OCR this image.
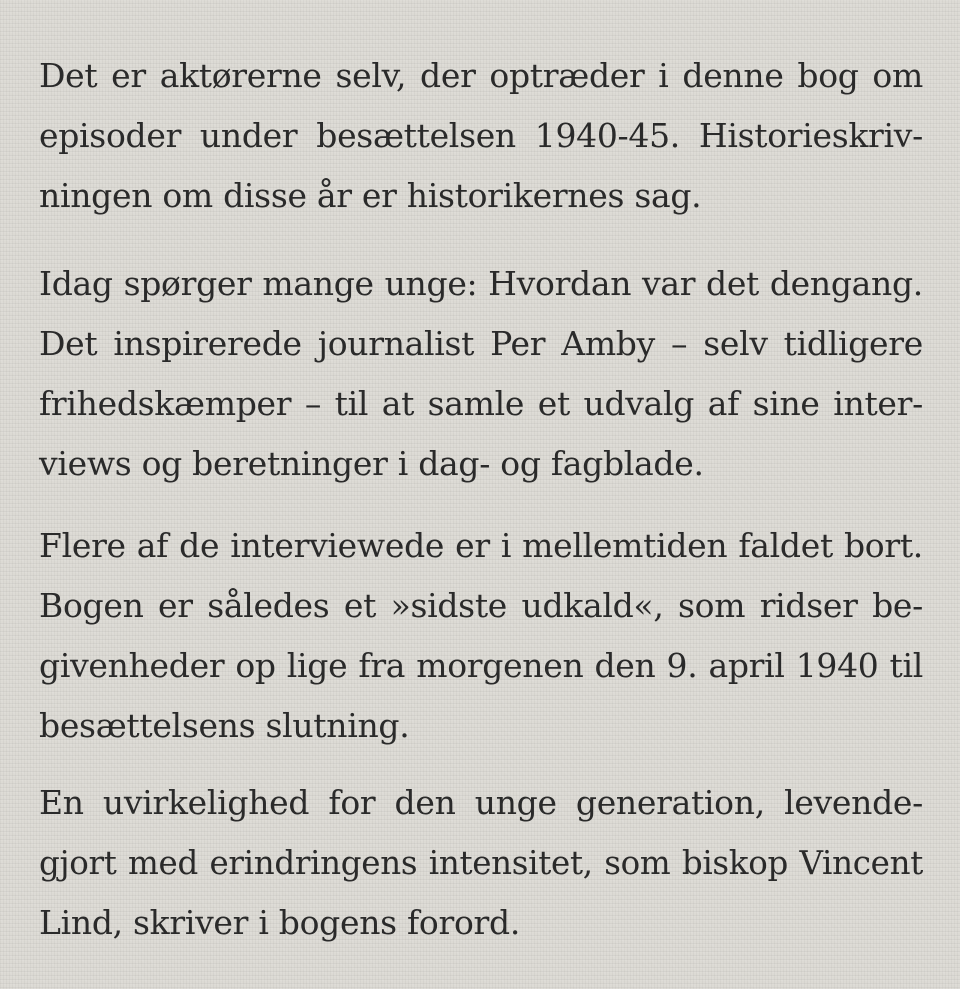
Det er aktørerne selv, der optræder i denne bog om
episoder under besættelsen 1940-45. Historieskriv-
ningen om disse år er historikernes sag.
Idag spørger mange unge: Hvordan var det dengang.
Det inspirerede journalist Per Amby – selv tidligere
frihedskæmper – til at samle et udvalg af sine inter-
views og beretninger i dag- og fagblade.
Flere af de interviewede er i mellemtiden faldet bort.
Bogen er således et »sidste udkald«, som ridser be-
givenheder op lige fra morgenen den 9. april 1940 til
besættelsens slutning.
En uvirkelighed for den unge generation, levende-
gjort med erindringens intensitet, som biskop Vincent
Lind, skriver i bogens forord.
